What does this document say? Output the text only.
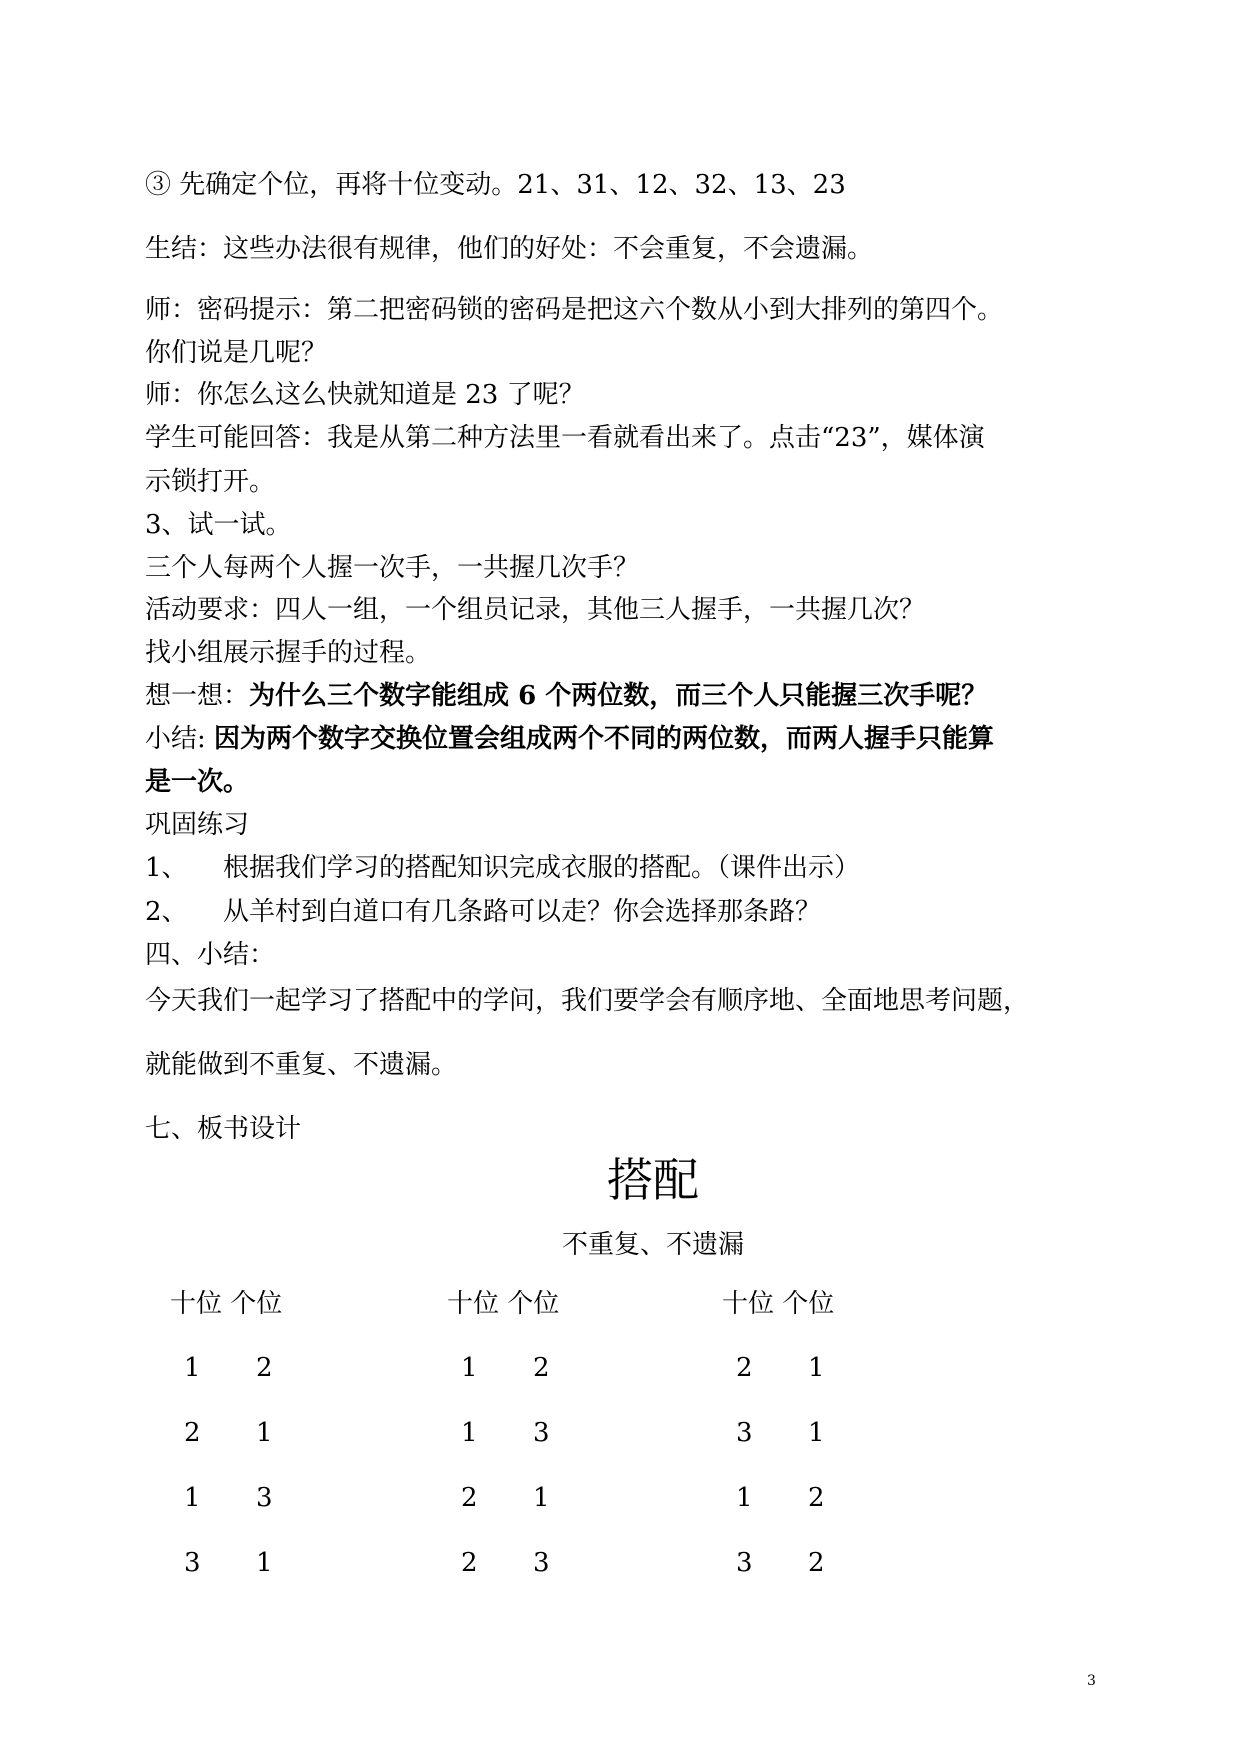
③ 先确定个位，再将十位变动。21、31、12、32、13、23
生结：这些办法很有规律，他们的好处：不会重复，不会遗漏。
师：密码提示：第二把密码锁的密码是把这六个数从小到大排列的第四个。
你们说是几呢？
师：你怎么这么快就知道是 23 了呢？
学生可能回答：我是从第二种方法里一看就看出来了。点击“23”，媒体演
示锁打开。
3、试一试。
三个人每两个人握一次手，一共握几次手？
活动要求：四人一组，一个组员记录，其他三人握手，一共握几次？
找小组展示握手的过程。
想一想：为什么三个数字能组成 6 个两位数，而三个人只能握三次手呢？
小结: 因为两个数字交换位置会组成两个不同的两位数，而两人握手只能算
是一次。
巩固练习
1、 根据我们学习的搭配知识完成衣服的搭配。（课件出示）
2、 从羊村到白道口有几条路可以走？你会选择那条路？
四、小结：
今天我们一起学习了搭配中的学问，我们要学会有顺序地、全面地思考问题，
就能做到不重复、不遗漏。
七、板书设计
搭配
不重复、不遗漏
十位 个位
1 2
2 1
1 3
3 1
十位 个位
1 2
1 3
2 1
2 3
十位 个位
2 1
3 1
1 2
3 2
3
